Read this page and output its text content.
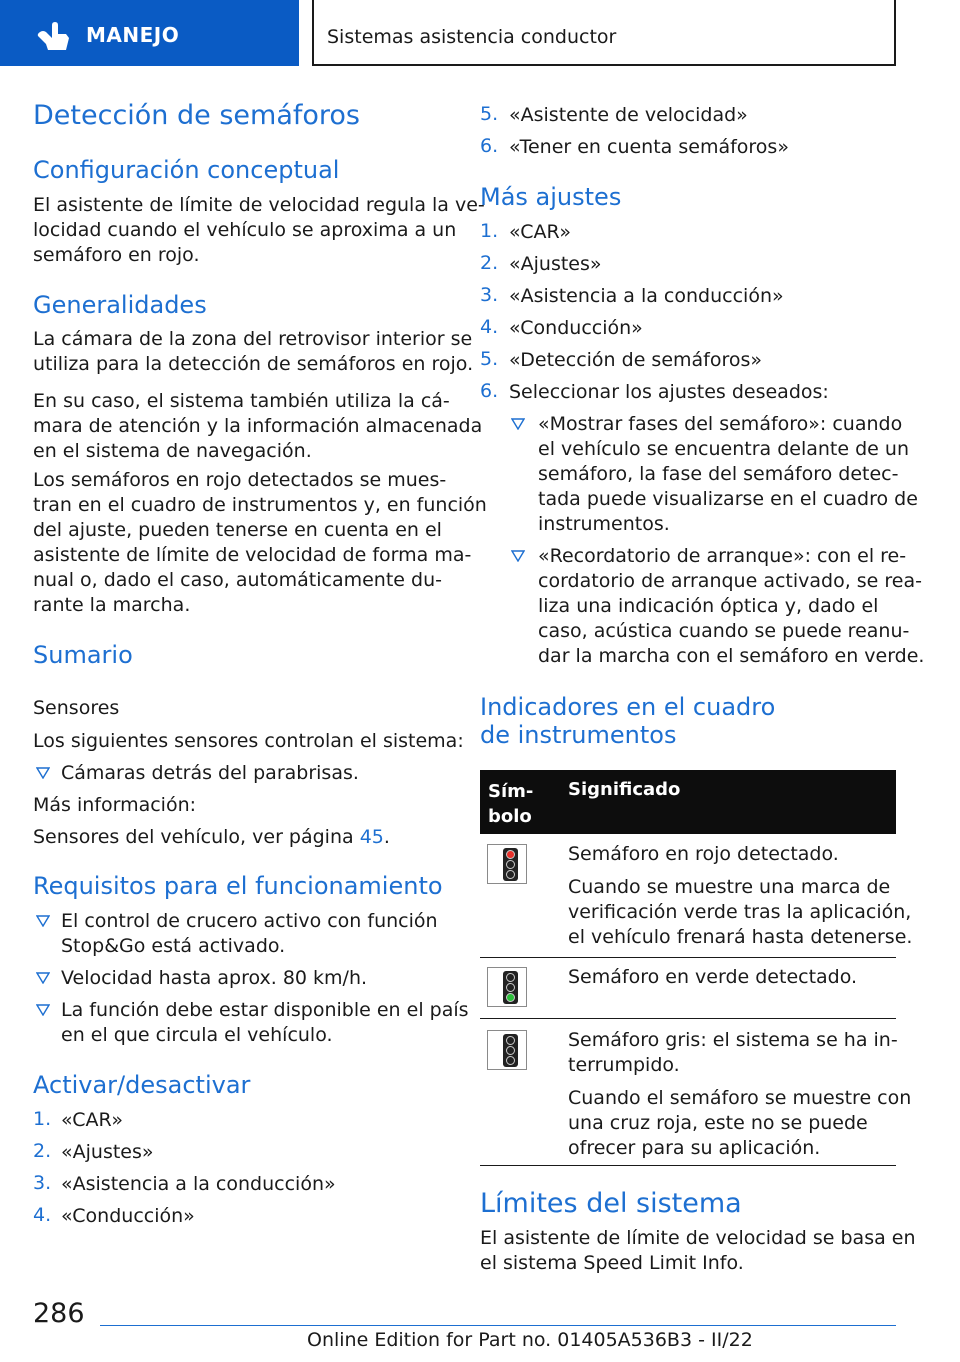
MANEJO	Sistemas asistencia conductor
Detección de semáforos
Configuración conceptual
El asistente de límite de velocidad regula la ve-
locidad cuando el vehículo se aproxima a un
semáforo en rojo.
Generalidades
La cámara de la zona del retrovisor interior se
utiliza para la detección de semáforos en rojo.
En su caso, el sistema también utiliza la cá-
mara de atención y la información almacenada
en el sistema de navegación.
Los semáforos en rojo detectados se mues-
tran en el cuadro de instrumentos y, en función
del ajuste, pueden tenerse en cuenta en el
asistente de límite de velocidad de forma ma-
nual o, dado el caso, automáticamente du-
rante la marcha.
Sumario
Sensores
Los siguientes sensores controlan el sistema:
Cámaras detrás del parabrisas.
Más información:
Sensores del vehículo, ver página 45.
Requisitos para el funcionamiento
El control de crucero activo con función
Stop&Go está activado.
Velocidad hasta aprox. 80 km/h.
La función debe estar disponible en el país
en el que circula el vehículo.
Activar/desactivar
1. «CAR»
2. «Ajustes»
3. «Asistencia a la conducción»
4. «Conducción»
5. «Asistente de velocidad»
6. «Tener en cuenta semáforos»
Más ajustes
1. «CAR»
2. «Ajustes»
3. «Asistencia a la conducción»
4. «Conducción»
5. «Detección de semáforos»
6. Seleccionar los ajustes deseados:
«Mostrar fases del semáforo»: cuando
el vehículo se encuentra delante de un
semáforo, la fase del semáforo detec-
tada puede visualizarse en el cuadro de
instrumentos.
«Recordatorio de arranque»: con el re-
cordatorio de arranque activado, se rea-
liza una indicación óptica y, dado el
caso, acústica cuando se puede reanu-
dar la marcha con el semáforo en verde.
Indicadores en el cuadro
de instrumentos
Semáforo en rojo detectado.
Cuando se muestre una marca de
verificación verde tras la aplicación,
el vehículo frenará hasta detenerse.
Semáforo en verde detectado.
Semáforo gris: el sistema se ha in-
terrumpido.
Cuando el semáforo se muestre con
una cruz roja, este no se puede
ofrecer para su aplicación.
Límites del sistema
El asistente de límite de velocidad se basa en
el sistema Speed Limit Info.
286
Online Edition for Part no. 01405A536B3 - II/22
Sím-
bolo
Significado
